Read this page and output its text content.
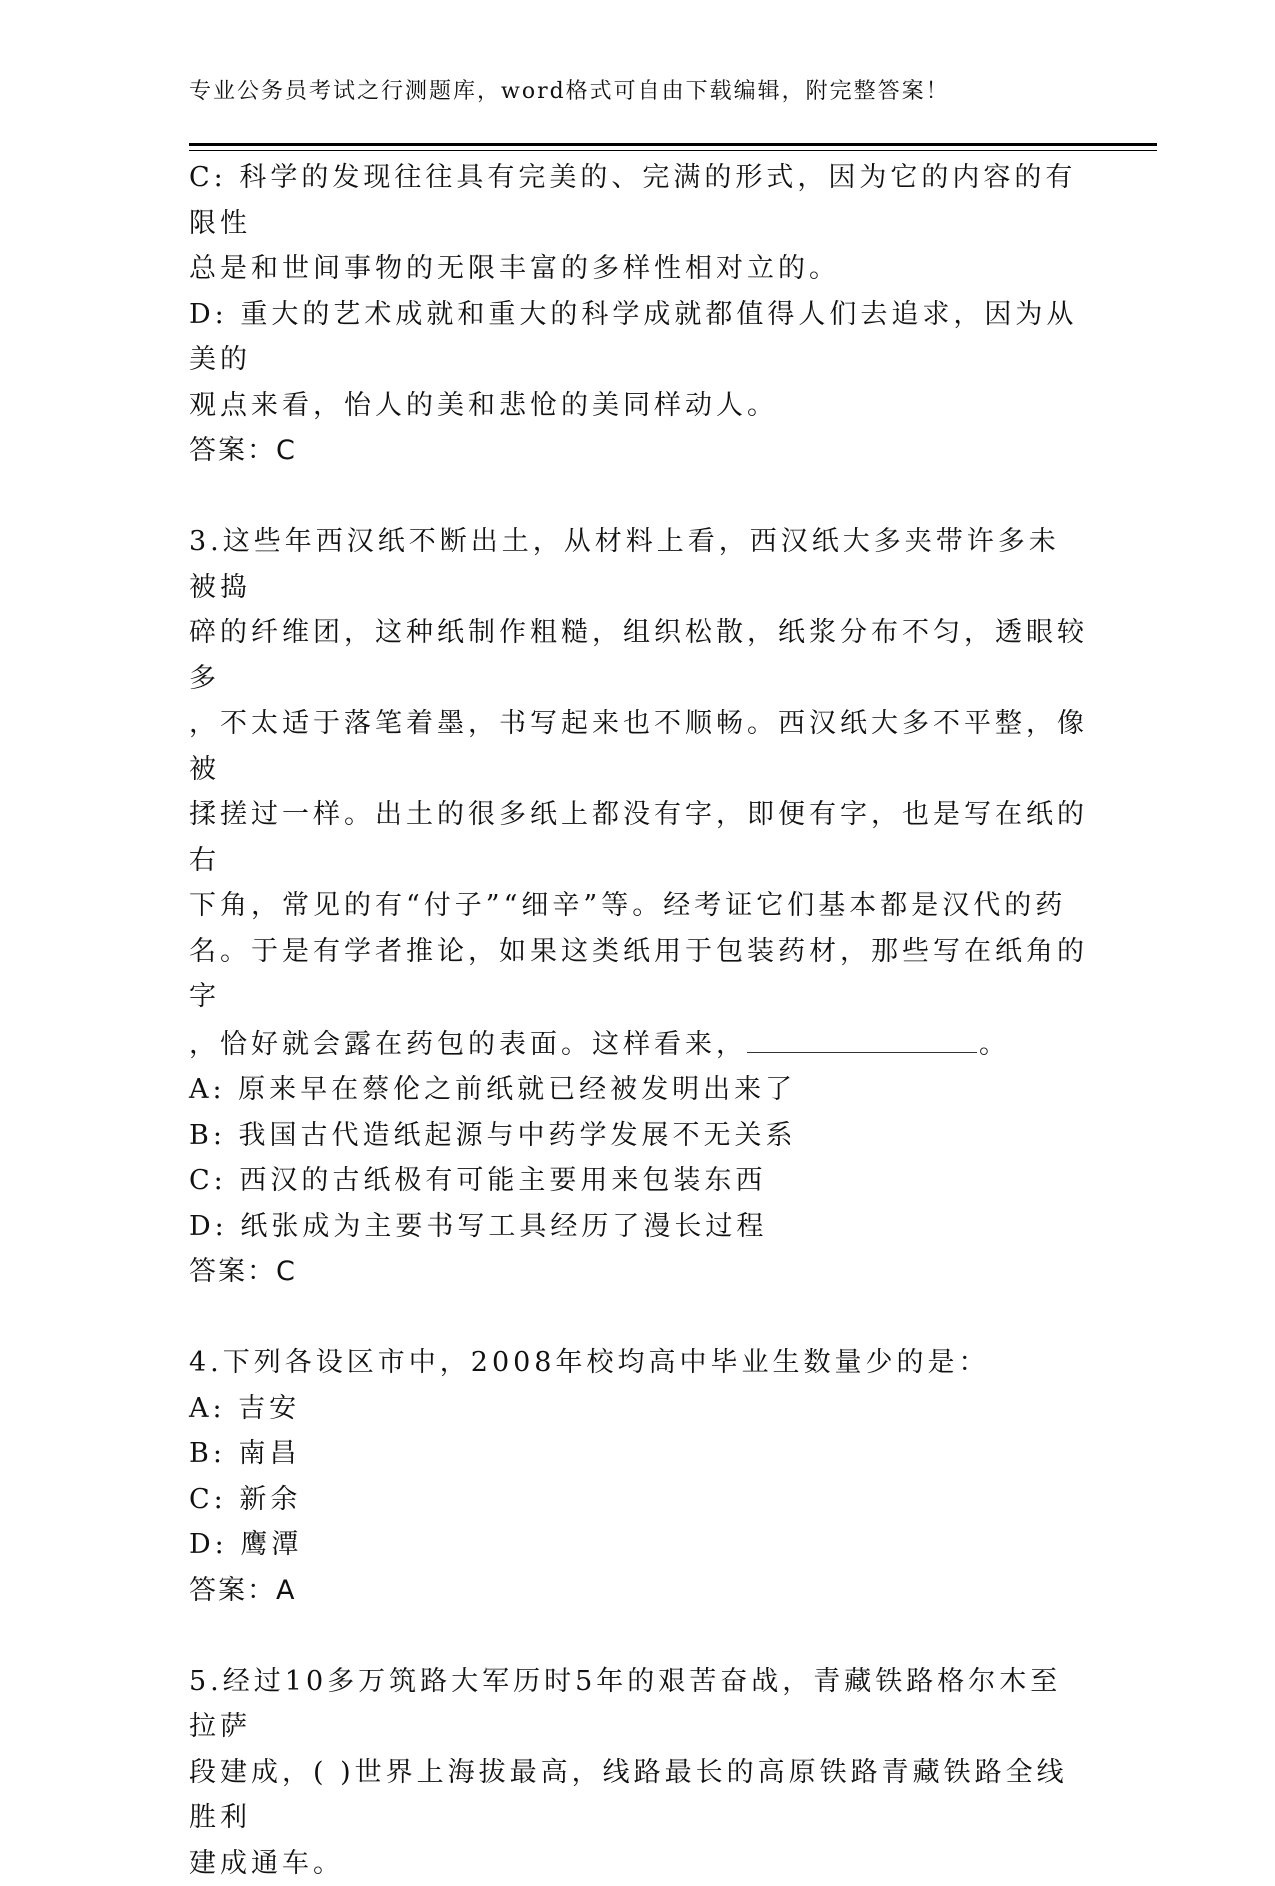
专业公务员考试之行测题库，word格式可自由下载编辑，附完整答案！

C: 科学的发现往往具有完美的、完满的形式，因为它的内容的有限性

总是和世间事物的无限丰富的多样性相对立的。

D: 重大的艺术成就和重大的科学成就都值得人们去追求，因为从美的

观点来看，怡人的美和悲怆的美同样动人。

答案：C

3.这些年西汉纸不断出土，从材料上看，西汉纸大多夹带许多未被捣

碎的纤维团，这种纸制作粗糙，组织松散，纸浆分布不匀，透眼较多

，不太适于落笔着墨，书写起来也不顺畅。西汉纸大多不平整，像被

揉搓过一样。出土的很多纸上都没有字，即便有字，也是写在纸的右

下角，常见的有“付子”“细辛”等。经考证它们基本都是汉代的药

名。于是有学者推论，如果这类纸用于包装药材，那些写在纸角的字

，恰好就会露在药包的表面。这样看来，	。

A: 原来早在蔡伦之前纸就已经被发明出来了

B: 我国古代造纸起源与中药学发展不无关系

C: 西汉的古纸极有可能主要用来包装东西

D: 纸张成为主要书写工具经历了漫长过程

答案：C

4.下列各设区市中，2008年校均高中毕业生数量少的是：

A: 吉安

B: 南昌

C: 新余

D: 鹰潭

答案：A

5.经过10多万筑路大军历时5年的艰苦奋战，青藏铁路格尔木至拉萨

段建成，( )世界上海拔最高，线路最长的高原铁路青藏铁路全线胜利

建成通车。
